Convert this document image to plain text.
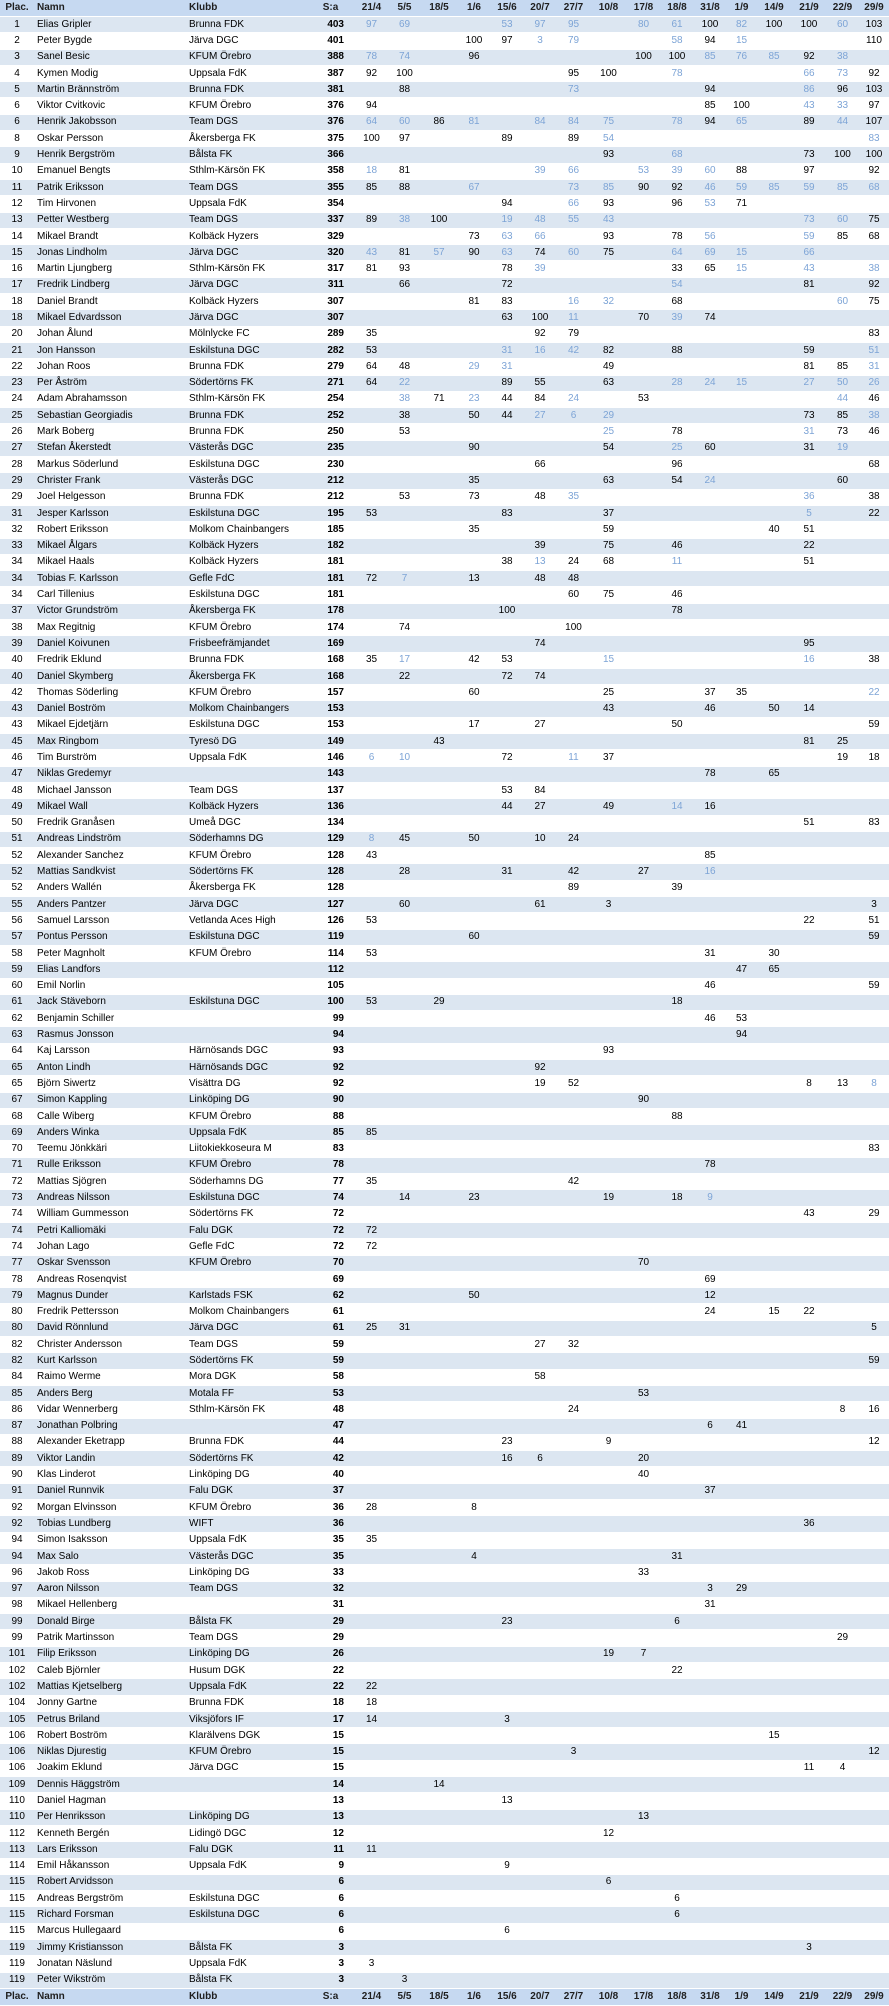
Plac.	Namn	Klubb	S:a	21/4	5/5	18/5	1/6	15/6	20/7	27/7	10/8	17/8	18/8	31/8	1/9	14/9	21/9	22/9	29/9
1	Elias Gripler	Brunna FDK	403	97	69			53	97	95		80	61	100	82	100	100	60	103
2	Peter Bygde	Järva DGC	401				100	97	3	79			58	94	15				110
3	Sanel Besic	KFUM Örebro	388	78	74		96					100	100	85	76	85	92	38	
4	Kymen Modig	Uppsala FdK	387	92	100					95	100		78				66	73	92
5	Martin Brännström	Brunna FDK	381		88					73				94			86	96	103
6	Viktor Cvitkovic	KFUM Örebro	376	94										85	100		43	33	97
6	Henrik Jakobsson	Team DGS	376	64	60	86	81		84	84	75		78	94	65		89	44	107
8	Oskar Persson	Åkersberga FK	375	100	97			89		89	54								83
9	Henrik Bergström	Bålsta FK	366								93		68				73	100	100
10	Emanuel Bengts	Sthlm-Kärsön FK	358	18	81				39	66		53	39	60	88		97		92
11	Patrik Eriksson	Team DGS	355	85	88		67			73	85	90	92	46	59	85	59	85	68
12	Tim Hirvonen	Uppsala FdK	354					94		66	93		96	53	71				
13	Petter Westberg	Team DGS	337	89	38	100		19	48	55	43						73	60	75
14	Mikael Brandt	Kolbäck Hyzers	329				73	63	66		93		78	56			59	85	68
15	Jonas Lindholm	Järva DGC	320	43	81	57	90	63	74	60	75		64	69	15		66		
16	Martin Ljungberg	Sthlm-Kärsön FK	317	81	93			78	39				33	65	15		43		38
17	Fredrik Lindberg	Järva DGC	311		66			72					54				81		92
18	Daniel Brandt	Kolbäck Hyzers	307				81	83		16	32		68					60	75
18	Mikael Edvardsson	Järva DGC	307					63	100	11		70	39	74					
20	Johan Ålund	Mölnlycke FC	289	35					92	79									83
21	Jon Hansson	Eskilstuna DGC	282	53				31	16	42	82		88				59		51
22	Johan Roos	Brunna FDK	279	64	48		29	31			49						81	85	31
23	Per Åström	Södertörns FK	271	64	22			89	55		63		28	24	15		27	50	26
24	Adam Abrahamsson	Sthlm-Kärsön FK	254		38	71	23	44	84	24		53						44	46
25	Sebastian Georgiadis	Brunna FDK	252		38		50	44	27	6	29						73	85	38
26	Mark Boberg	Brunna FDK	250		53						25		78				31	73	46
27	Stefan Åkerstedt	Västerås DGC	235				90				54		25	60			31	19	
28	Markus Söderlund	Eskilstuna DGC	230						66				96						68
29	Christer Frank	Västerås DGC	212				35				63		54	24				60	
29	Joel Helgesson	Brunna FDK	212		53		73		48	35							36		38
31	Jesper Karlsson	Eskilstuna DGC	195	53				83			37						5		22
32	Robert Eriksson	Molkom Chainbangers	185				35				59					40	51		
33	Mikael Ålgars	Kolbäck Hyzers	182						39		75		46				22		
34	Mikael Haals	Kolbäck Hyzers	181					38	13	24	68		11				51		
34	Tobias F. Karlsson	Gefle FdC	181	72	7		13		48	48									
34	Carl Tillenius	Eskilstuna DGC	181							60	75		46						
37	Victor Grundström	Åkersberga FK	178					100					78						
38	Max Regitnig	KFUM Örebro	174		74					100									
39	Daniel Koivunen	Frisbeefrämjandet	169						74								95		
40	Fredrik Eklund	Brunna FDK	168	35	17		42	53			15						16		38
40	Daniel Skymberg	Åkersberga FK	168		22			72	74										
42	Thomas Söderling	KFUM Örebro	157				60				25			37	35				22
43	Daniel Boström	Molkom Chainbangers	153								43			46		50	14		
43	Mikael Ejdetjärn	Eskilstuna DGC	153				17		27				50						59
45	Max Ringbom	Tyresö DG	149			43											81	25	
46	Tim Burström	Uppsala FdK	146	6	10			72		11	37							19	18
47	Niklas Gredemyr		143											78		65			
48	Michael Jansson	Team DGS	137					53	84										
49	Mikael Wall	Kolbäck Hyzers	136					44	27		49		14	16					
50	Fredrik Granåsen	Umeå DGC	134														51		83
51	Andreas Lindström	Söderhamns DG	129	8	45		50		10	24									
52	Alexander Sanchez	KFUM Örebro	128	43										85					
52	Mattias Sandkvist	Södertörns FK	128		28			31		42		27		16					
52	Anders Wallén	Åkersberga FK	128							89			39						
55	Anders Pantzer	Järva DGC	127		60				61		3								3
56	Samuel Larsson	Vetlanda Aces High	126	53													22		51
57	Pontus Persson	Eskilstuna DGC	119				60												59
58	Peter Magnholt	KFUM Örebro	114	53										31		30			
59	Elias Landfors		112												47	65			
60	Emil Norlin		105											46					59
61	Jack Stäveborn	Eskilstuna DGC	100	53		29							18						
62	Benjamin Schiller		99											46	53				
63	Rasmus Jonsson		94												94				
64	Kaj Larsson	Härnösands DGC	93								93								
65	Anton Lindh	Härnösands DGC	92						92										
65	Björn Siwertz	Visättra DG	92						19	52							8	13	8
67	Simon Kappling	Linköping DG	90									90							
68	Calle Wiberg	KFUM Örebro	88										88						
69	Anders Winka	Uppsala FdK	85	85															
70	Teemu Jönkkäri	Liitokiekkoseura M	83																83
71	Rulle Eriksson	KFUM Örebro	78											78					
72	Mattias Sjögren	Söderhamns DG	77	35						42									
73	Andreas Nilsson	Eskilstuna DGC	74		14		23				19		18	9					
74	William Gummesson	Södertörns FK	72														43		29
74	Petri Kalliomäki	Falu DGK	72	72															
74	Johan Lago	Gefle FdC	72	72															
77	Oskar Svensson	KFUM Örebro	70									70							
78	Andreas Rosenqvist		69											69					
79	Magnus Dunder	Karlstads FSK	62				50							12					
80	Fredrik Pettersson	Molkom Chainbangers	61											24		15	22		
80	David Rönnlund	Järva DGC	61	25	31														5
82	Christer Andersson	Team DGS	59						27	32									
82	Kurt Karlsson	Södertörns FK	59																59
84	Raimo Werme	Mora DGK	58						58										
85	Anders Berg	Motala FF	53									53							
86	Vidar Wennerberg	Sthlm-Kärsön FK	48							24								8	16
87	Jonathan Polbring		47											6	41				
88	Alexander Eketrapp	Brunna FDK	44					23			9								12
89	Viktor Landin	Södertörns FK	42					16	6			20							
90	Klas Linderot	Linköping DG	40									40							
91	Daniel Runnvik	Falu DGK	37											37					
92	Morgan Elvinsson	KFUM Örebro	36	28			8												
92	Tobias Lundberg	WIFT	36														36		
94	Simon Isaksson	Uppsala FdK	35	35															
94	Max Salo	Västerås DGC	35				4						31						
96	Jakob Ross	Linköping DG	33									33							
97	Aaron Nilsson	Team DGS	32											3	29				
98	Mikael Hellenberg		31											31					
99	Donald Birge	Bålsta FK	29					23					6						
99	Patrik Martinsson	Team DGS	29															29	
101	Filip Eriksson	Linköping DG	26								19	7							
102	Caleb Björnler	Husum DGK	22										22						
102	Mattias Kjetselberg	Uppsala FdK	22	22															
104	Jonny Gartne	Brunna FDK	18	18															
105	Petrus Briland	Viksjöfors IF	17	14				3											
106	Robert Boström	Klarälvens DGK	15													15			
106	Niklas Djurestig	KFUM Örebro	15							3									12
106	Joakim Eklund	Järva DGC	15														11	4	
109	Dennis Häggström		14			14													
110	Daniel Hagman		13					13											
110	Per Henriksson	Linköping DG	13									13							
112	Kenneth Bergén	Lidingö DGC	12								12								
113	Lars Eriksson	Falu DGK	11	11															
114	Emil Håkansson	Uppsala FdK	9					9											
115	Robert Arvidsson		6								6								
115	Andreas Bergström	Eskilstuna DGC	6										6						
115	Richard Forsman	Eskilstuna DGC	6										6						
115	Marcus Hullegaard		6					6											
119	Jimmy Kristiansson	Bålsta FK	3														3		
119	Jonatan Näslund	Uppsala FdK	3	3															
119	Peter Wikström	Bålsta FK	3		3														
Plac.	Namn	Klubb	S:a	21/4	5/5	18/5	1/6	15/6	20/7	27/7	10/8	17/8	18/8	31/8	1/9	14/9	21/9	22/9	29/9
